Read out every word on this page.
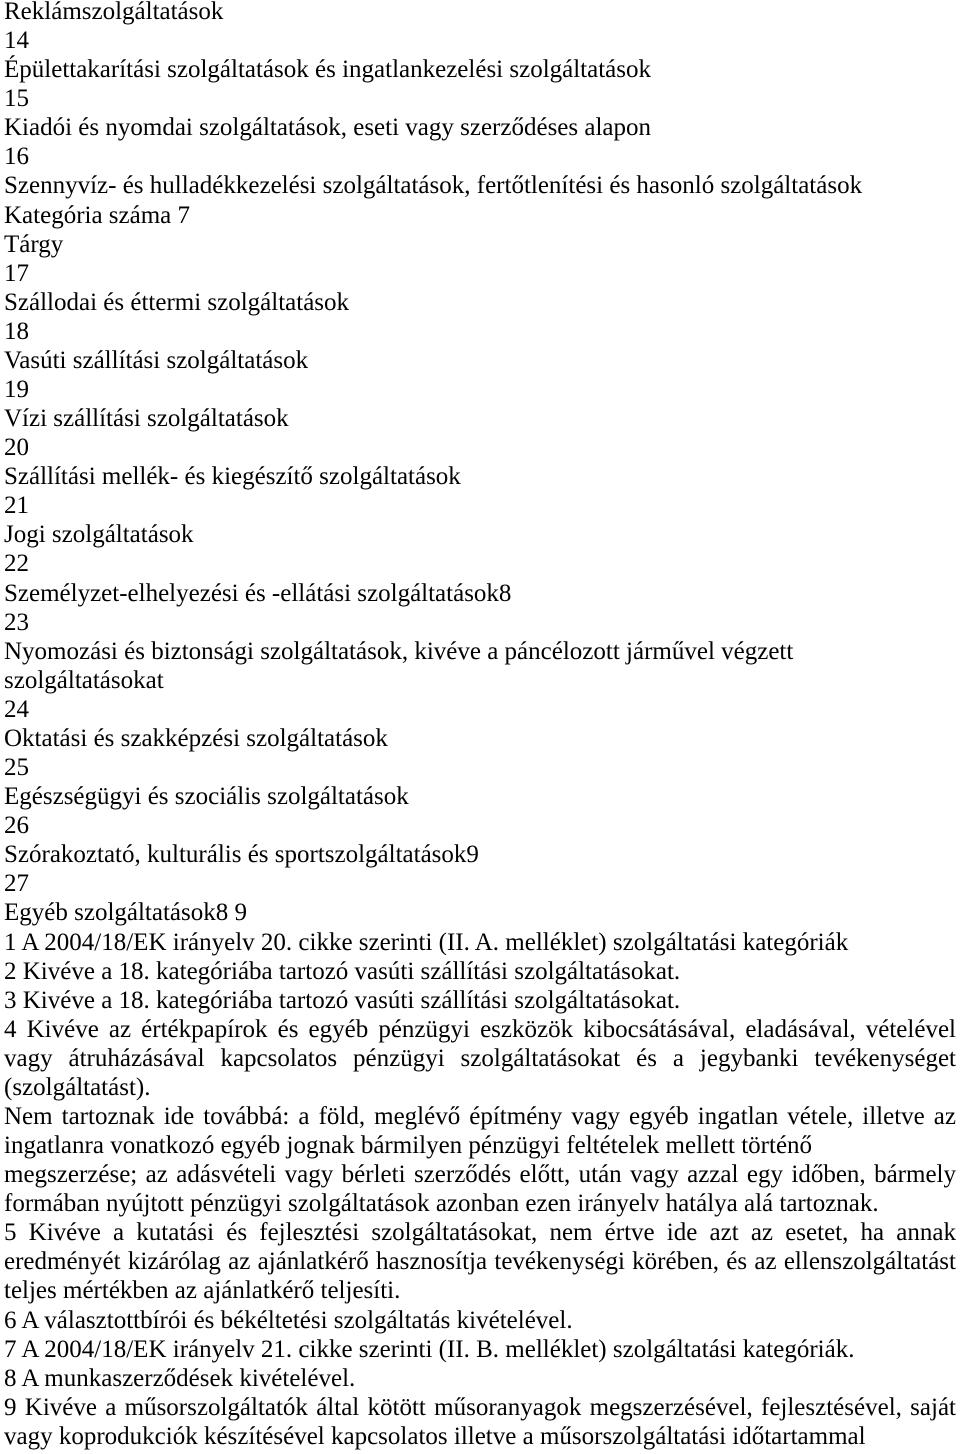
Reklámszolgáltatások
14
Épülettakarítási szolgáltatások és ingatlankezelési szolgáltatások
15
Kiadói és nyomdai szolgáltatások, eseti vagy szerződéses alapon
16
Szennyvíz- és hulladékkezelési szolgáltatások, fertőtlenítési és hasonló szolgáltatások
Kategória száma 7
Tárgy
17
Szállodai és éttermi szolgáltatások
18
Vasúti szállítási szolgáltatások
19
Vízi szállítási szolgáltatások
20
Szállítási mellék- és kiegészítő szolgáltatások
21
Jogi szolgáltatások
22
Személyzet-elhelyezési és -ellátási szolgáltatások8
23
Nyomozási és biztonsági szolgáltatások, kivéve a páncélozott járművel végzett
szolgáltatásokat
24
Oktatási és szakképzési szolgáltatások
25
Egészségügyi és szociális szolgáltatások
26
Szórakoztató, kulturális és sportszolgáltatások9
27
Egyéb szolgáltatások8 9
1 A 2004/18/EK irányelv 20. cikke szerinti (II. A. melléklet) szolgáltatási kategóriák
2 Kivéve a 18. kategóriába tartozó vasúti szállítási szolgáltatásokat.
3 Kivéve a 18. kategóriába tartozó vasúti szállítási szolgáltatásokat.
4 Kivéve az értékpapírok és egyéb pénzügyi eszközök kibocsátásával, eladásával, vételével
vagy átruházásával kapcsolatos pénzügyi szolgáltatásokat és a jegybanki tevékenységet
(szolgáltatást).
Nem tartoznak ide továbbá: a föld, meglévő építmény vagy egyéb ingatlan vétele, illetve az
ingatlanra vonatkozó egyéb jognak bármilyen pénzügyi feltételek mellett történő
megszerzése; az adásvételi vagy bérleti szerződés előtt, után vagy azzal egy időben, bármely
formában nyújtott pénzügyi szolgáltatások azonban ezen irányelv hatálya alá tartoznak.
5 Kivéve a kutatási és fejlesztési szolgáltatásokat, nem értve ide azt az esetet, ha annak
eredményét kizárólag az ajánlatkérő hasznosítja tevékenységi körében, és az ellenszolgáltatást
teljes mértékben az ajánlatkérő teljesíti.
6 A választottbírói és békéltetési szolgáltatás kivételével.
7 A 2004/18/EK irányelv 21. cikke szerinti (II. B. melléklet) szolgáltatási kategóriák.
8 A munkaszerződések kivételével.
9 Kivéve a műsorszolgáltatók által kötött műsoranyagok megszerzésével, fejlesztésével, saját
vagy koprodukciók készítésével kapcsolatos illetve a műsorszolgáltatási időtartammal
